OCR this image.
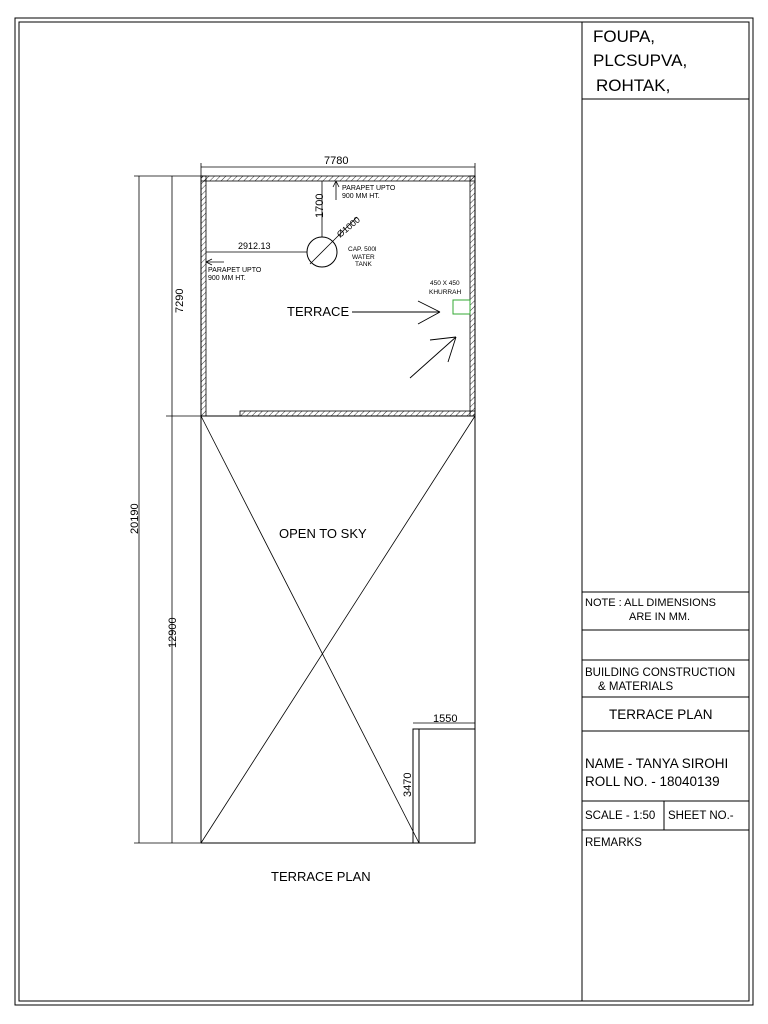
FOUPA,
PLCSUPVA,
ROHTAK,
NOTE : ALL DIMENSIONS
ARE IN MM.
BUILDING CONSTRUCTION
& MATERIALS
TERRACE PLAN
NAME - TANYA SIROHI
ROLL NO. - 18040139
SCALE - 1:50 SHEET NO.-
REMARKS
1550
3470
7780
20190
7290
12900
Ø1000
CAP. 500l
WATER
TANK
1700
2912.13
PARAPET UPTO
900 MM HT.
PARAPET UPTO
900 MM HT.
450 X 450
KHURRAH
TERRACE
OPEN TO SKY
TERRACE PLAN
